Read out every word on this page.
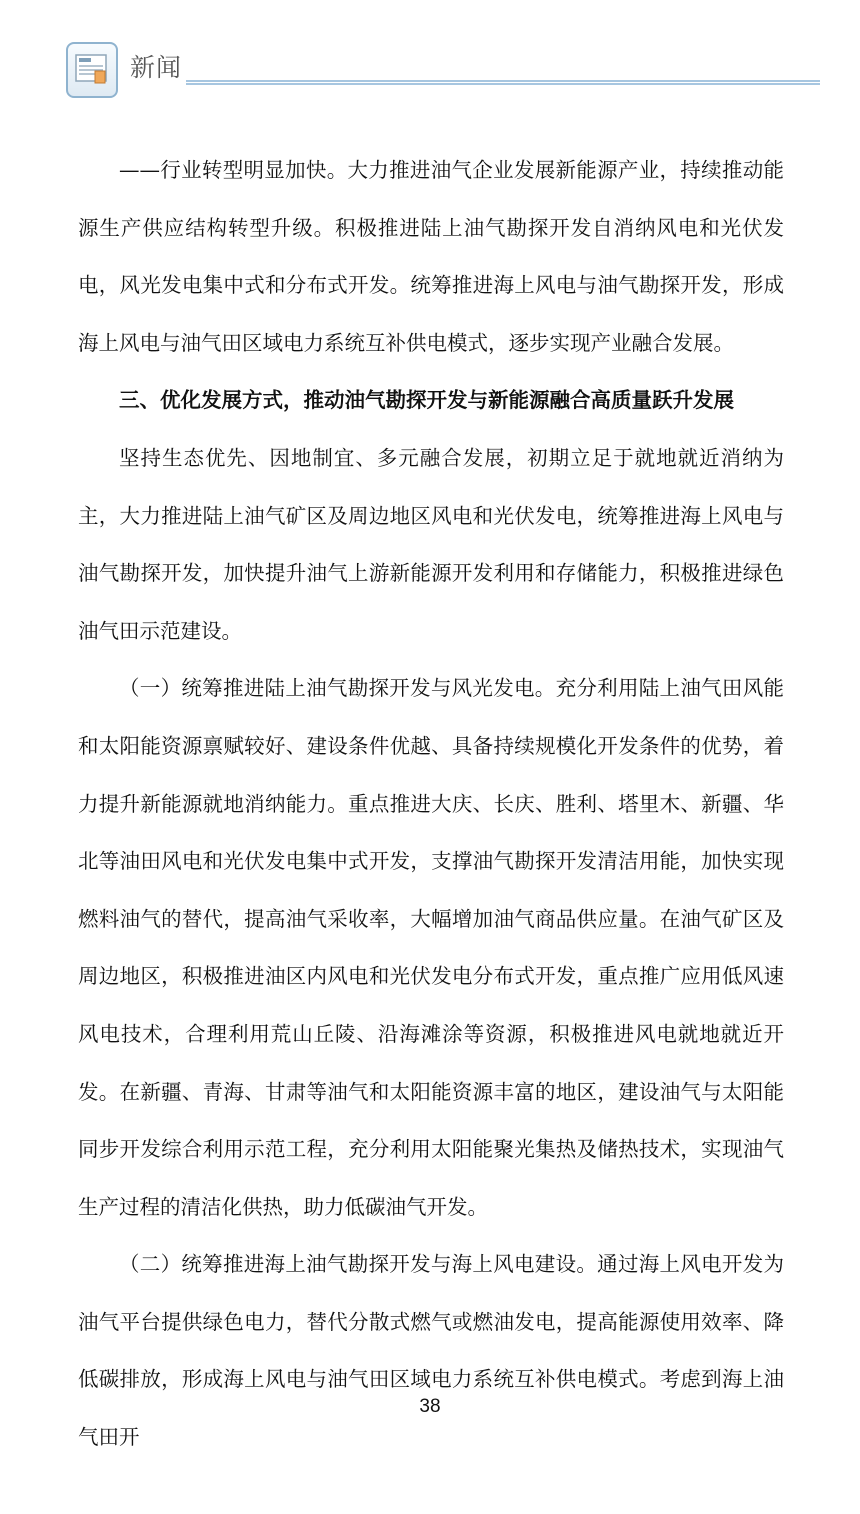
新闻

——行业转型明显加快。大力推进油气企业发展新能源产业，持续推动能源生产供应结构转型升级。积极推进陆上油气勘探开发自消纳风电和光伏发电，风光发电集中式和分布式开发。统筹推进海上风电与油气勘探开发，形成海上风电与油气田区域电力系统互补供电模式，逐步实现产业融合发展。

三、优化发展方式，推动油气勘探开发与新能源融合高质量跃升发展

坚持生态优先、因地制宜、多元融合发展，初期立足于就地就近消纳为主，大力推进陆上油气矿区及周边地区风电和光伏发电，统筹推进海上风电与油气勘探开发，加快提升油气上游新能源开发利用和存储能力，积极推进绿色油气田示范建设。

（一）统筹推进陆上油气勘探开发与风光发电。充分利用陆上油气田风能和太阳能资源禀赋较好、建设条件优越、具备持续规模化开发条件的优势，着力提升新能源就地消纳能力。重点推进大庆、长庆、胜利、塔里木、新疆、华北等油田风电和光伏发电集中式开发，支撑油气勘探开发清洁用能，加快实现燃料油气的替代，提高油气采收率，大幅增加油气商品供应量。在油气矿区及周边地区，积极推进油区内风电和光伏发电分布式开发，重点推广应用低风速风电技术，合理利用荒山丘陵、沿海滩涂等资源，积极推进风电就地就近开发。在新疆、青海、甘肃等油气和太阳能资源丰富的地区，建设油气与太阳能同步开发综合利用示范工程，充分利用太阳能聚光集热及储热技术，实现油气生产过程的清洁化供热，助力低碳油气开发。

（二）统筹推进海上油气勘探开发与海上风电建设。通过海上风电开发为油气平台提供绿色电力，替代分散式燃气或燃油发电，提高能源使用效率、降低碳排放，形成海上风电与油气田区域电力系统互补供电模式。考虑到海上油气田开

38
